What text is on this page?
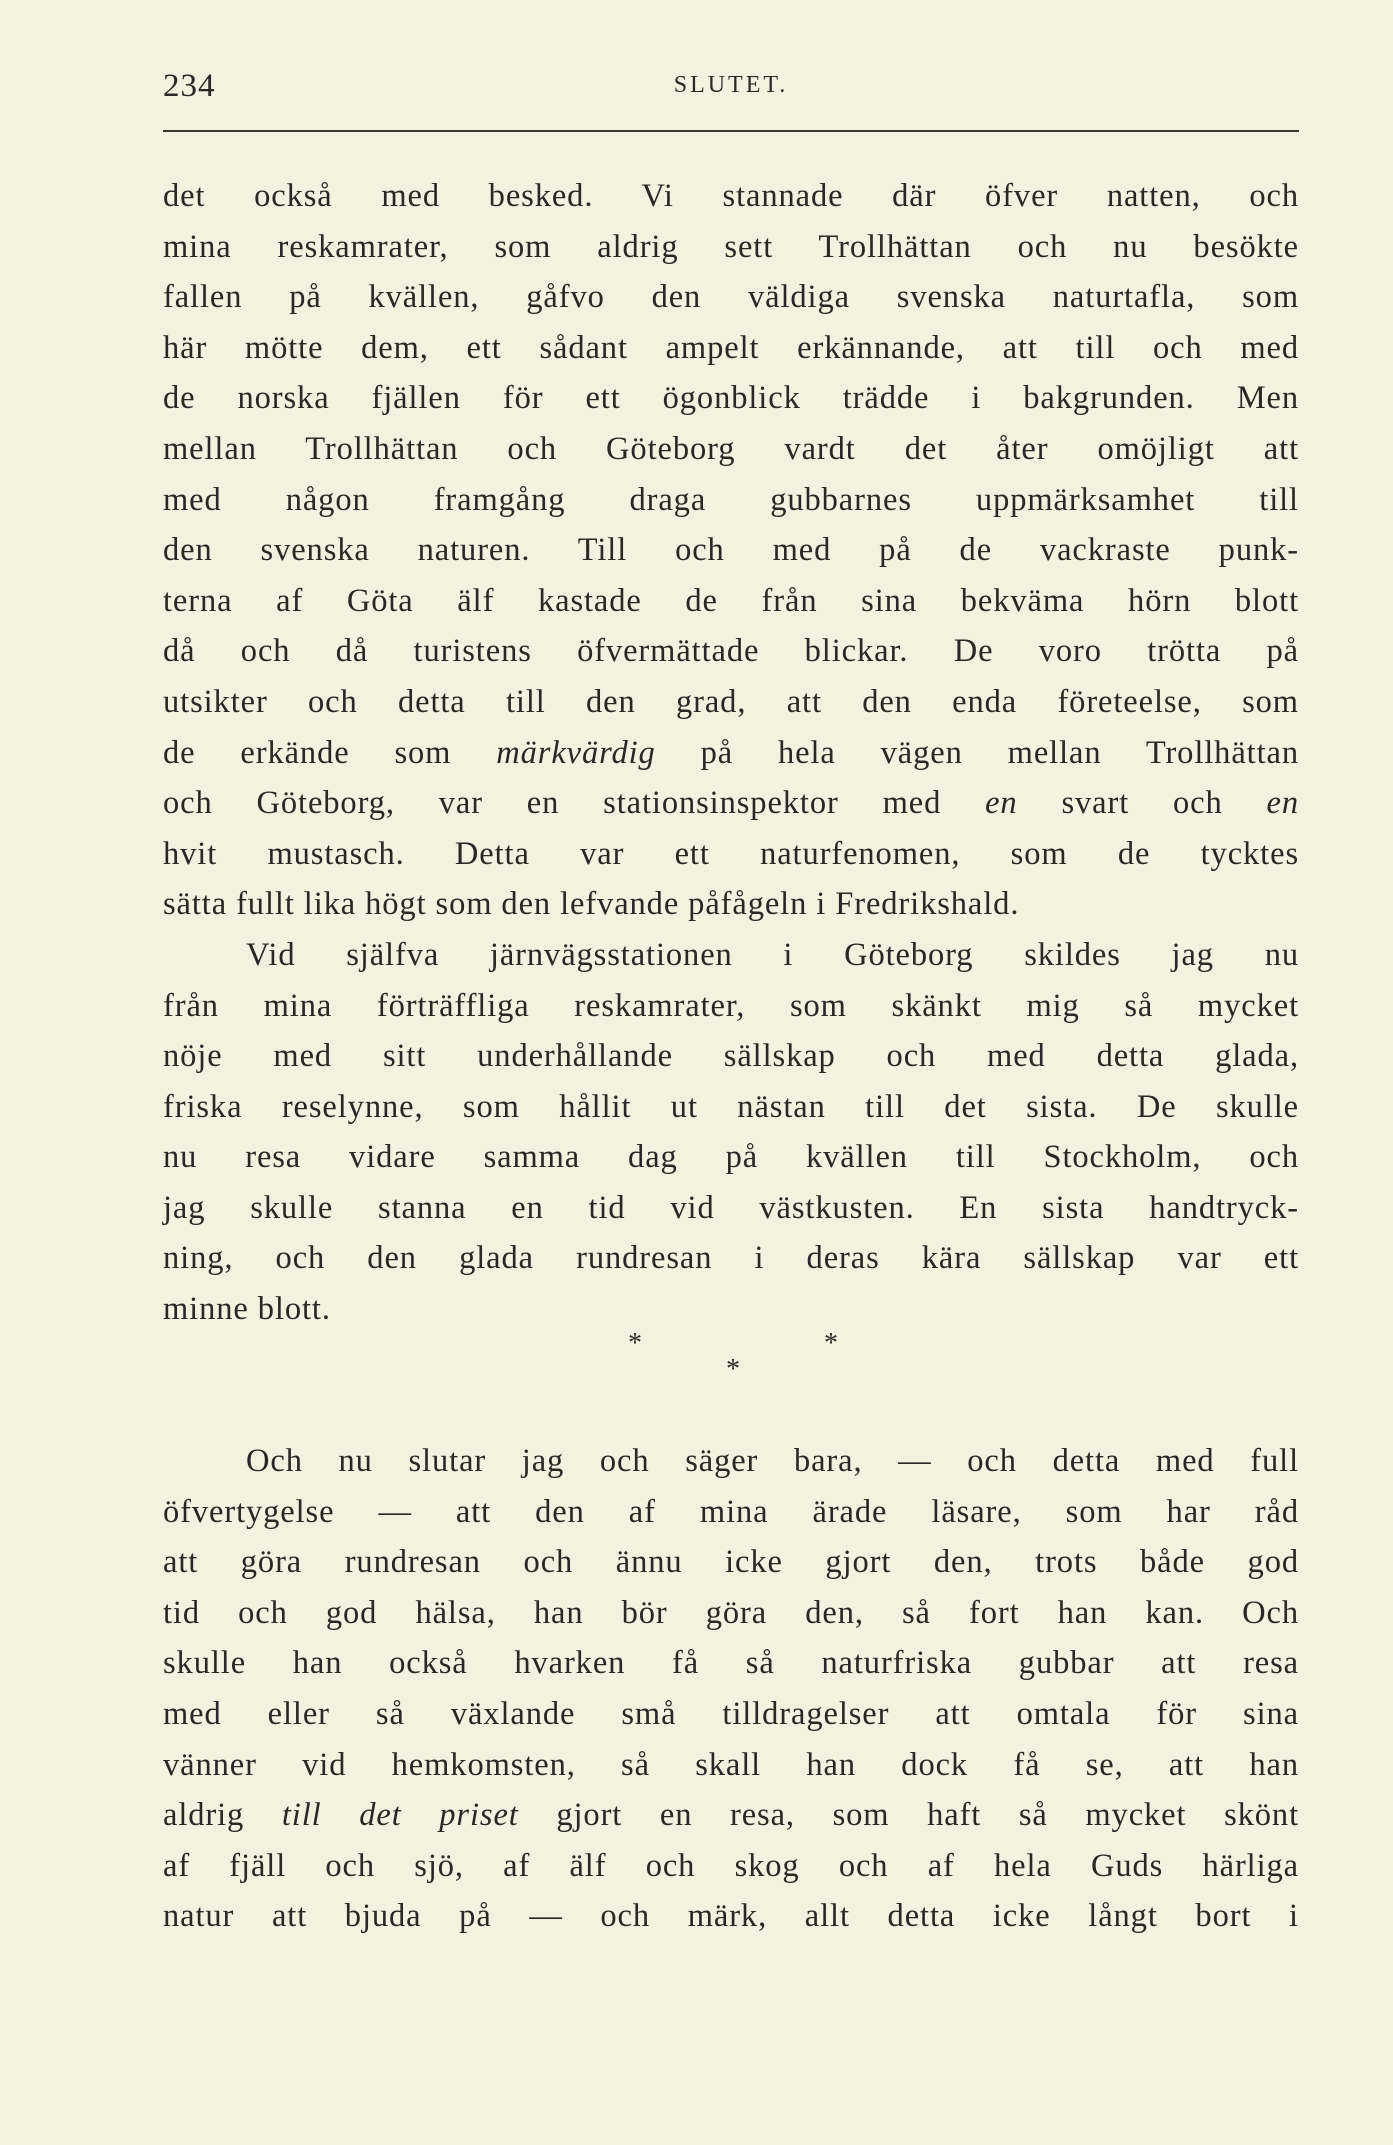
234	SLUTET.
det också med besked. Vi stannade där öfver natten, och
mina reskamrater, som aldrig sett Trollhättan och nu besökte
fallen på kvällen, gåfvo den väldiga svenska naturtafla, som
här mötte dem, ett sådant ampelt erkännande, att till och med
de norska fjällen för ett ögonblick trädde i bakgrunden. Men
mellan Trollhättan och Göteborg vardt det åter omöjligt att
med någon framgång draga gubbarnes uppmärksamhet till
den svenska naturen. Till och med på de vackraste punk-
terna af Göta älf kastade de från sina bekväma hörn blott
då och då turistens öfvermättade blickar. De voro trötta på
utsikter och detta till den grad, att den enda företeelse, som
de erkände som märkvärdig på hela vägen mellan Trollhättan
och Göteborg, var en stationsinspektor med en svart och en
hvit mustasch. Detta var ett naturfenomen, som de tycktes
sätta fullt lika högt som den lefvande påfågeln i Fredrikshald.
Vid själfva järnvägsstationen i Göteborg skildes jag nu
från mina förträffliga reskamrater, som skänkt mig så mycket
nöje med sitt underhållande sällskap och med detta glada,
friska reselynne, som hållit ut nästan till det sista. De skulle
nu resa vidare samma dag på kvällen till Stockholm, och
jag skulle stanna en tid vid västkusten. En sista handtryck-
ning, och den glada rundresan i deras kära sällskap var ett
minne blott.
*	*
*
Och nu slutar jag och säger bara, — och detta med full
öfvertygelse — att den af mina ärade läsare, som har råd
att göra rundresan och ännu icke gjort den, trots både god
tid och god hälsa, han bör göra den, så fort han kan. Och
skulle han också hvarken få så naturfriska gubbar att resa
med eller så växlande små tilldragelser att omtala för sina
vänner vid hemkomsten, så skall han dock få se, att han
aldrig till det priset gjort en resa, som haft så mycket skönt
af fjäll och sjö, af älf och skog och af hela Guds härliga
natur att bjuda på — och märk, allt detta icke långt bort i
